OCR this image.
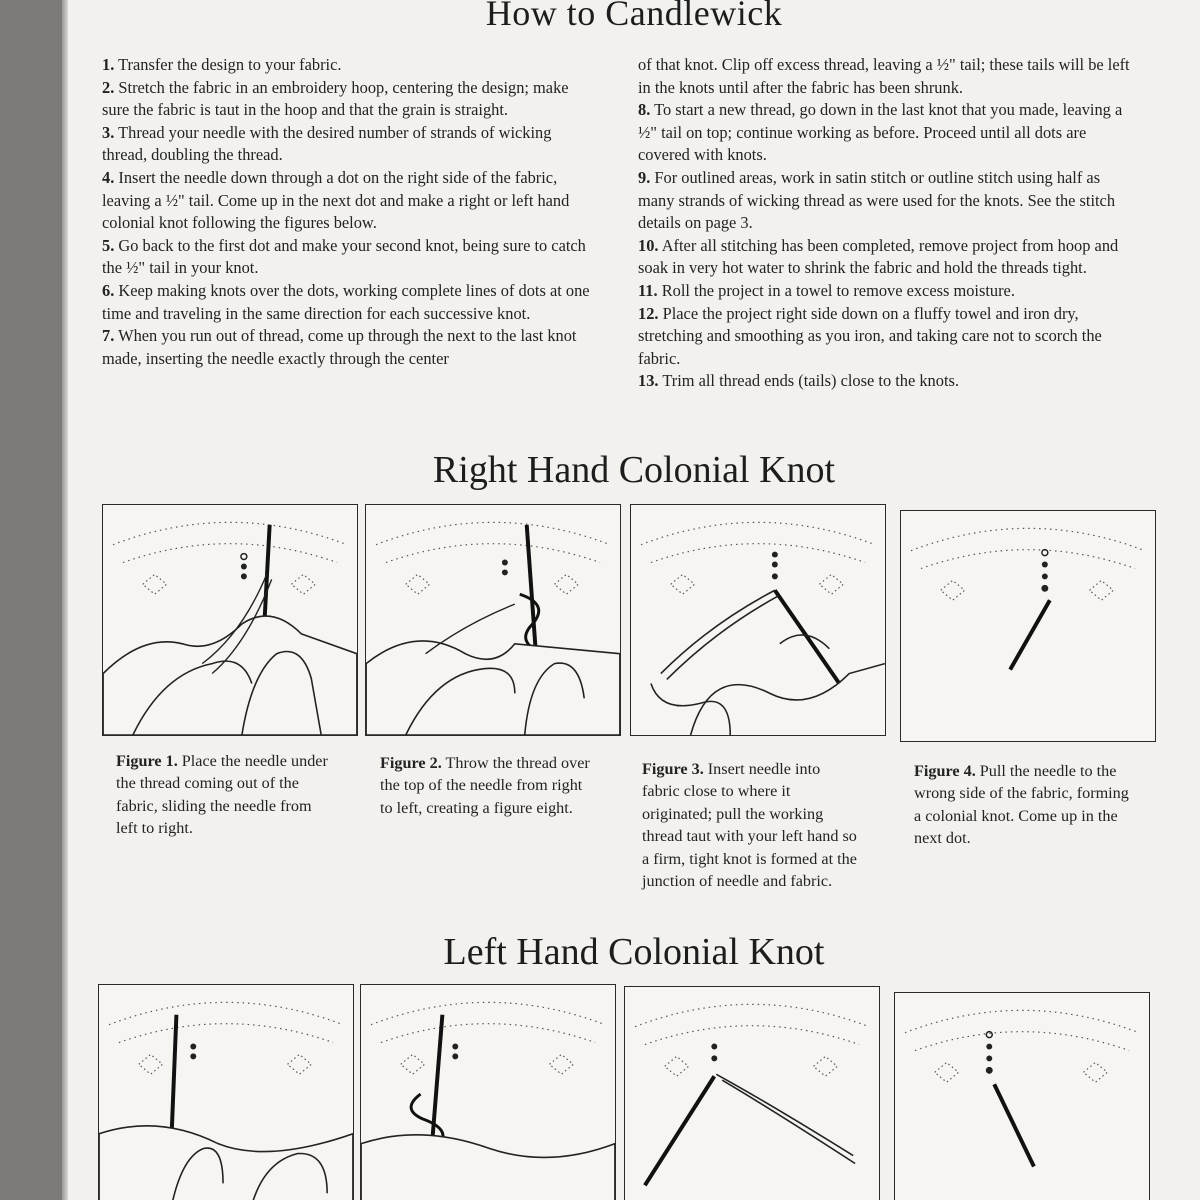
How to Candlewick

1. Transfer the design to your fabric.

2. Stretch the fabric in an embroidery hoop, centering the design; make sure the fabric is taut in the hoop and that the grain is straight.

3. Thread your needle with the desired number of strands of wicking thread, doubling the thread.

4. Insert the needle down through a dot on the right side of the fabric, leaving a ½" tail. Come up in the next dot and make a right or left hand colonial knot following the figures below.

5. Go back to the first dot and make your second knot, being sure to catch the ½" tail in your knot.

6. Keep making knots over the dots, working complete lines of dots at one time and traveling in the same direction for each successive knot.

7. When you run out of thread, come up through the next to the last knot made, inserting the needle exactly through the center

of that knot. Clip off excess thread, leaving a ½" tail; these tails will be left in the knots until after the fabric has been shrunk.

8. To start a new thread, go down in the last knot that you made, leaving a ½" tail on top; continue working as before. Proceed until all dots are covered with knots.

9. For outlined areas, work in satin stitch or outline stitch using half as many strands of wicking thread as were used for the knots. See the stitch details on page 3.

10. After all stitching has been completed, remove project from hoop and soak in very hot water to shrink the fabric and hold the threads tight.

11. Roll the project in a towel to remove excess moisture.

12. Place the project right side down on a fluffy towel and iron dry, stretching and smoothing as you iron, and taking care not to scorch the fabric.

13. Trim all thread ends (tails) close to the knots.

Right Hand Colonial Knot

Figure 1. Place the needle under the thread coming out of the fabric, sliding the needle from left to right.

Figure 2. Throw the thread over the top of the needle from right to left, creating a figure eight.

Figure 3. Insert needle into fabric close to where it originated; pull the working thread taut with your left hand so a firm, tight knot is formed at the junction of needle and fabric.

Figure 4. Pull the needle to the wrong side of the fabric, forming a colonial knot. Come up in the next dot.

Left Hand Colonial Knot
